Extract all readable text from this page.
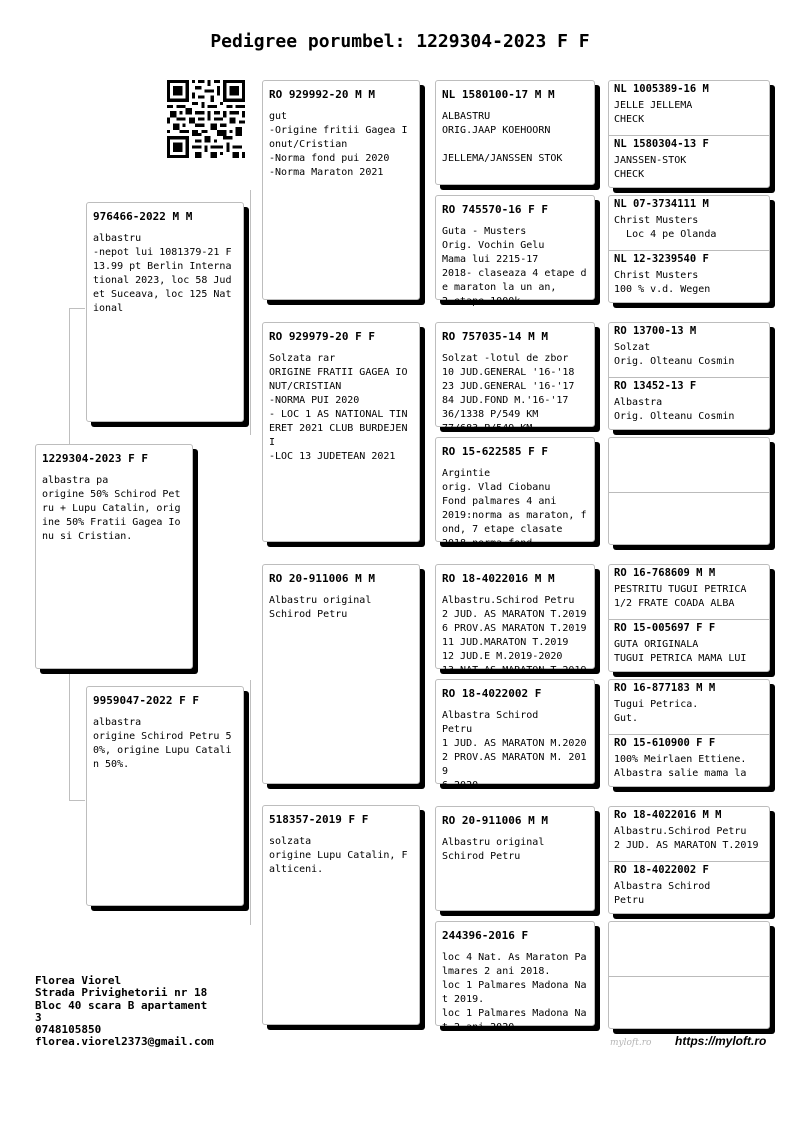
Pedigree porumbel: 1229304-2023 F F
1229304-2023 F F
albastra pa
origine 50% Schirod Petru + Lupu Catalin, origine 50% Fratii Gagea Ionu si Cristian.
976466-2022 M M
albastru
-nepot lui 1081379-21 F 13.99 pt Berlin International 2023, loc 58 Judet Suceava, loc 125 National
9959047-2022 F F
albastra
origine Schirod Petru 50%, origine Lupu Catalin 50%.
RO 929992-20 M M
gut
-Origine fritii Gagea Ionut/Cristian
-Norma fond pui 2020
-Norma Maraton 2021
RO 929979-20 F F
Solzata rar
ORIGINE FRATII GAGEA IONUT/CRISTIAN
-NORMA PUI 2020
- LOC 1 AS NATIONAL TINERET 2021 CLUB BURDEJENI
-LOC 13 JUDETEAN 2021
RO 20-911006 M M
Albastru original
Schirod Petru
518357-2019 F F
solzata
origine Lupu Catalin, Falticeni.
NL 1580100-17 M M
ALBASTRU
ORIG.JAAP KOEHOORN

JELLEMA/JANSSEN STOK
RO 745570-16 F F
Guta - Musters
Orig. Vochin Gelu
Mama lui 2215-17
2018- claseaza 4 etape de maraton la un an,
2 etape 1000k
RO 757035-14 M M
Solzat -lotul de zbor
10 JUD.GENERAL '16-'18
23 JUD.GENERAL '16-'17
84 JUD.FOND M.'16-'17
36/1338 P/549 KM
77/683 P/549 KM
RO 15-622585 F F
Argintie
orig. Vlad Ciobanu
Fond palmares 4 ani
2019:norma as maraton, fond, 7 etape clasate
2018 norma fond
RO 18-4022016 M M
Albastru.Schirod Petru
2 JUD. AS MARATON T.2019
6 PROV.AS MARATON T.2019
11 JUD.MARATON T.2019
12 JUD.E M.2019-2020
13 NAT.AS MARATON T.2019
RO 18-4022002 F
Albastra Schirod
Petru
1 JUD. AS MARATON M.2020
2 PROV.AS MARATON M. 2019
6 2020
RO 20-911006 M M
Albastru original
Schirod Petru
244396-2016 F
loc 4 Nat. As Maraton Palmares 2 ani 2018.
loc 1 Palmares Madona Nat 2019.
loc 1 Palmares Madona Nat 2 ani 2020
NL 1005389-16 M
JELLE JELLEMA
CHECK
NL 1580304-13 F
JANSSEN-STOK
CHECK
NL 07-3734111 M
Christ Musters
Loc 4 pe Olanda
NL 12-3239540 F
Christ Musters
100 % v.d. Wegen
RO 13700-13 M
Solzat
Orig. Olteanu Cosmin
RO 13452-13 F
Albastra
Orig. Olteanu Cosmin
RO 16-768609 M M
PESTRITU TUGUI PETRICA
1/2 FRATE COADA ALBA
RO 15-005697 F F
GUTA ORIGINALA
TUGUI PETRICA MAMA LUI
RO 16-877183 M M
Tugui Petrica.
Gut.
RO 15-610900 F F
100% Meirlaen Ettiene.
Albastra salie mama la
Ro 18-4022016 M M
Albastru.Schirod Petru
2 JUD. AS MARATON T.2019
RO 18-4022002 F
Albastra Schirod
Petru
Florea Viorel
Strada Privighetorii nr 18
Bloc 40 scara B apartament
3
0748105850
florea.viorel2373@gmail.com	myloft.ro https://myloft.ro
